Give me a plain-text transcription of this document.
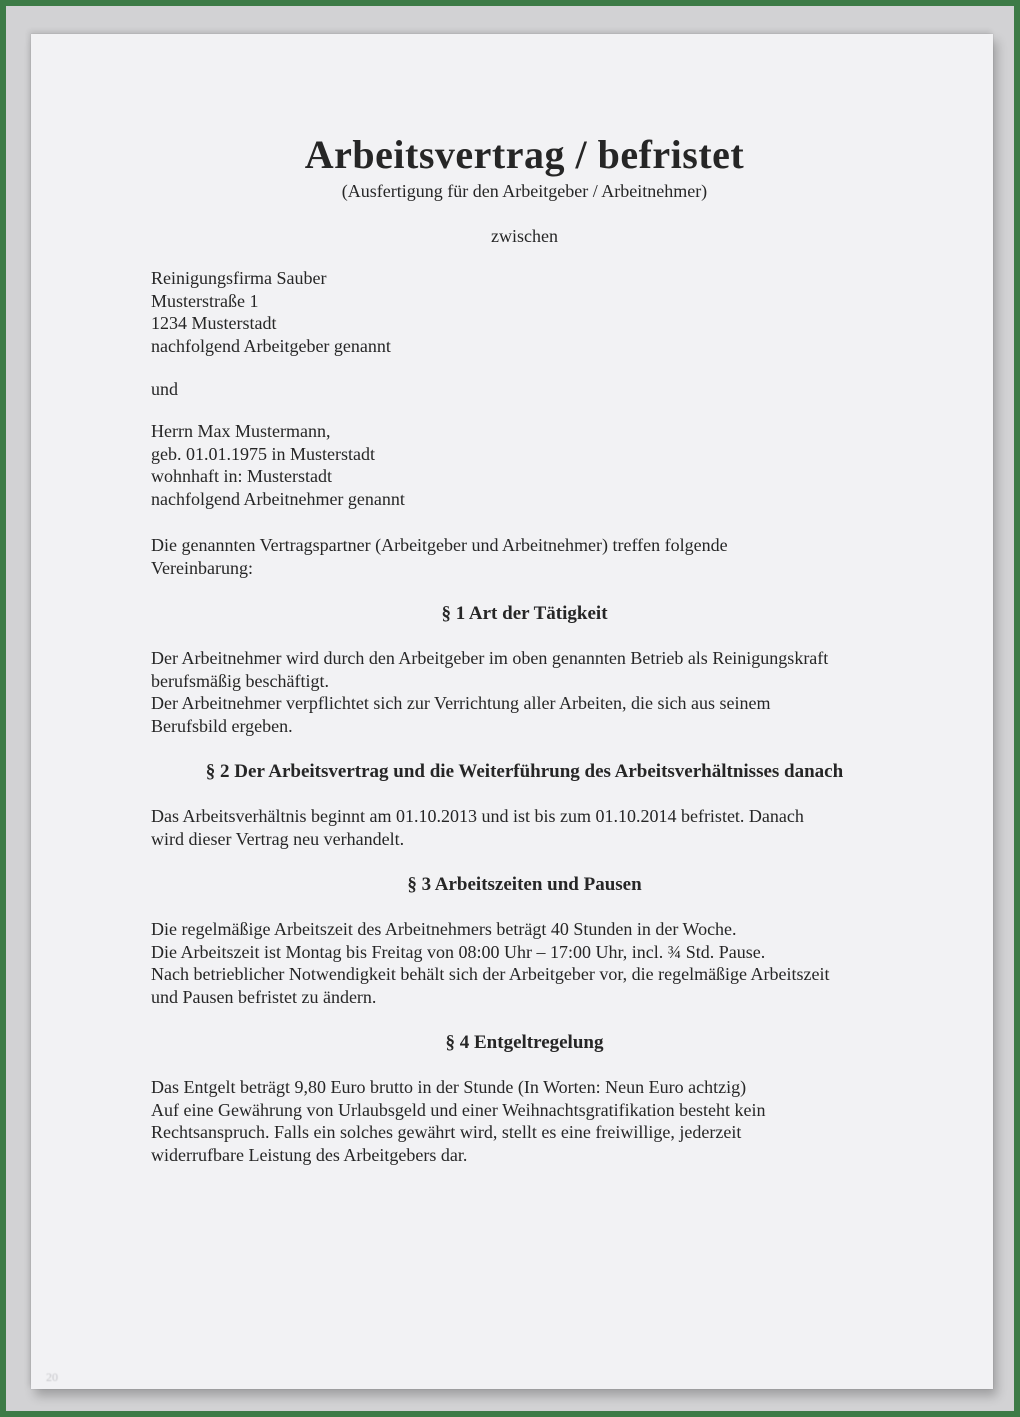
Arbeitsvertrag / befristet
(Ausfertigung für den Arbeitgeber / Arbeitnehmer)
zwischen
Reinigungsfirma Sauber
Musterstraße 1
1234 Musterstadt
nachfolgend Arbeitgeber genannt
und
Herrn Max Mustermann,
geb. 01.01.1975 in Musterstadt
wohnhaft in: Musterstadt
nachfolgend Arbeitnehmer genannt
Die genannten Vertragspartner (Arbeitgeber und Arbeitnehmer) treffen folgende
Vereinbarung:
§ 1 Art der Tätigkeit
Der Arbeitnehmer wird durch den Arbeitgeber im oben genannten Betrieb als Reinigungskraft
berufsmäßig beschäftigt.
Der Arbeitnehmer verpflichtet sich zur Verrichtung aller Arbeiten, die sich aus seinem
Berufsbild ergeben.
§ 2 Der Arbeitsvertrag und die Weiterführung des Arbeitsverhältnisses danach
Das Arbeitsverhältnis beginnt am 01.10.2013 und ist bis zum 01.10.2014 befristet. Danach
wird dieser Vertrag neu verhandelt.
§ 3 Arbeitszeiten und Pausen
Die regelmäßige Arbeitszeit des Arbeitnehmers beträgt 40 Stunden in der Woche.
Die Arbeitszeit ist Montag bis Freitag von 08:00 Uhr – 17:00 Uhr, incl. ¾ Std. Pause.
Nach betrieblicher Notwendigkeit behält sich der Arbeitgeber vor, die regelmäßige Arbeitszeit
und Pausen befristet zu ändern.
§ 4 Entgeltregelung
Das Entgelt beträgt 9,80 Euro brutto in der Stunde (In Worten: Neun Euro achtzig)
Auf eine Gewährung von Urlaubsgeld und einer Weihnachtsgratifikation besteht kein
Rechtsanspruch. Falls ein solches gewährt wird, stellt es eine freiwillige, jederzeit
widerrufbare Leistung des Arbeitgebers dar.
20
